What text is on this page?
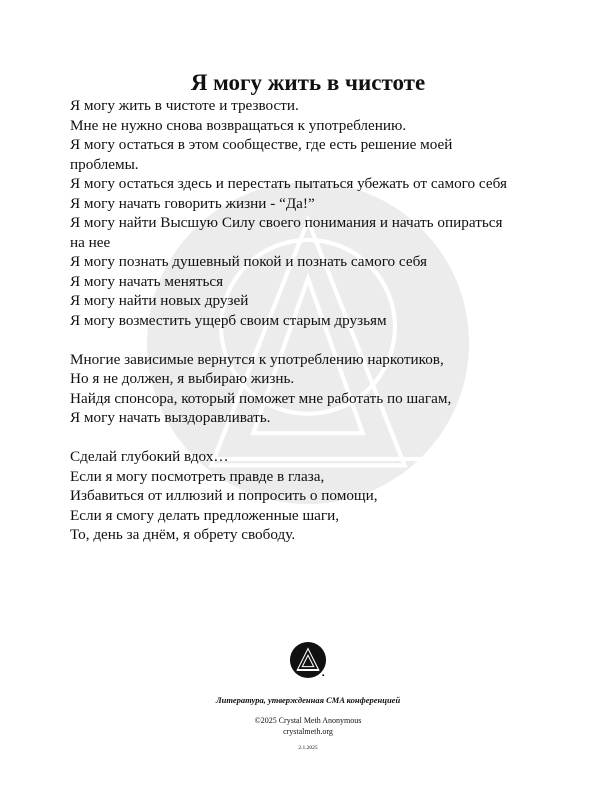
Я могу жить в чистоте
Я могу жить в чистоте и трезвости.
Мне не нужно снова возвращаться к употреблению.
Я могу остаться в этом сообществе, где есть решение моей
проблемы.
Я могу остаться здесь и перестать пытаться убежать от самого себя
Я могу начать говорить жизни - “Да!”
Я могу найти Высшую Силу своего понимания и начать опираться
на нее
Я могу познать душевный покой и познать самого себя
Я могу начать меняться
Я могу найти новых друзей
Я могу возместить ущерб своим старым друзьям
Многие зависимые вернутся к употреблению наркотиков,
Но я не должен, я выбираю жизнь.
Найдя спонсора, который поможет мне работать по шагам,
Я могу начать выздоравливать.
Сделай глубокий вдох…
Если я могу посмотреть правде в глаза,
Избавиться от иллюзий и попросить о помощи,
Если я смогу делать предложенные шаги,
То, день за днём, я обрету свободу.
Литература, утвержденная CMA конференцией
©2025 Crystal Meth Anonymous
crystalmeth.org
2.1.2025
